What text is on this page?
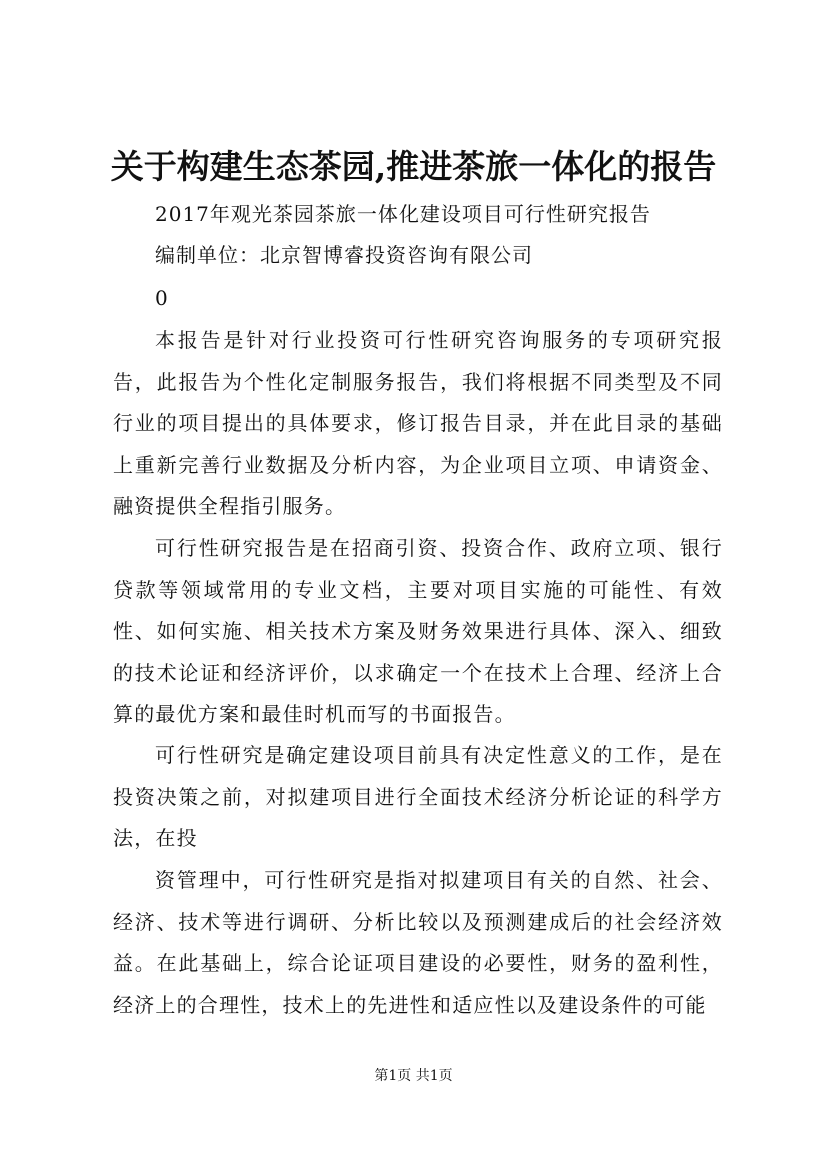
关于构建生态茶园,推进茶旅一体化的报告

2017年观光茶园茶旅一体化建设项目可行性研究报告

编制单位：北京智博睿投资咨询有限公司

0

本报告是针对行业投资可行性研究咨询服务的专项研究报告，此报告为个性化定制服务报告，我们将根据不同类型及不同行业的项目提出的具体要求，修订报告目录，并在此目录的基础上重新完善行业数据及分析内容，为企业项目立项、申请资金、融资提供全程指引服务。

可行性研究报告是在招商引资、投资合作、政府立项、银行贷款等领域常用的专业文档，主要对项目实施的可能性、有效性、如何实施、相关技术方案及财务效果进行具体、深入、细致的技术论证和经济评价，以求确定一个在技术上合理、经济上合算的最优方案和最佳时机而写的书面报告。

可行性研究是确定建设项目前具有决定性意义的工作，是在投资决策之前，对拟建项目进行全面技术经济分析论证的科学方法，在投

资管理中，可行性研究是指对拟建项目有关的自然、社会、经济、技术等进行调研、分析比较以及预测建成后的社会经济效益。在此基础上，综合论证项目建设的必要性，财务的盈利性，经济上的合理性，技术上的先进性和适应性以及建设条件的可能

第1页 共1页
